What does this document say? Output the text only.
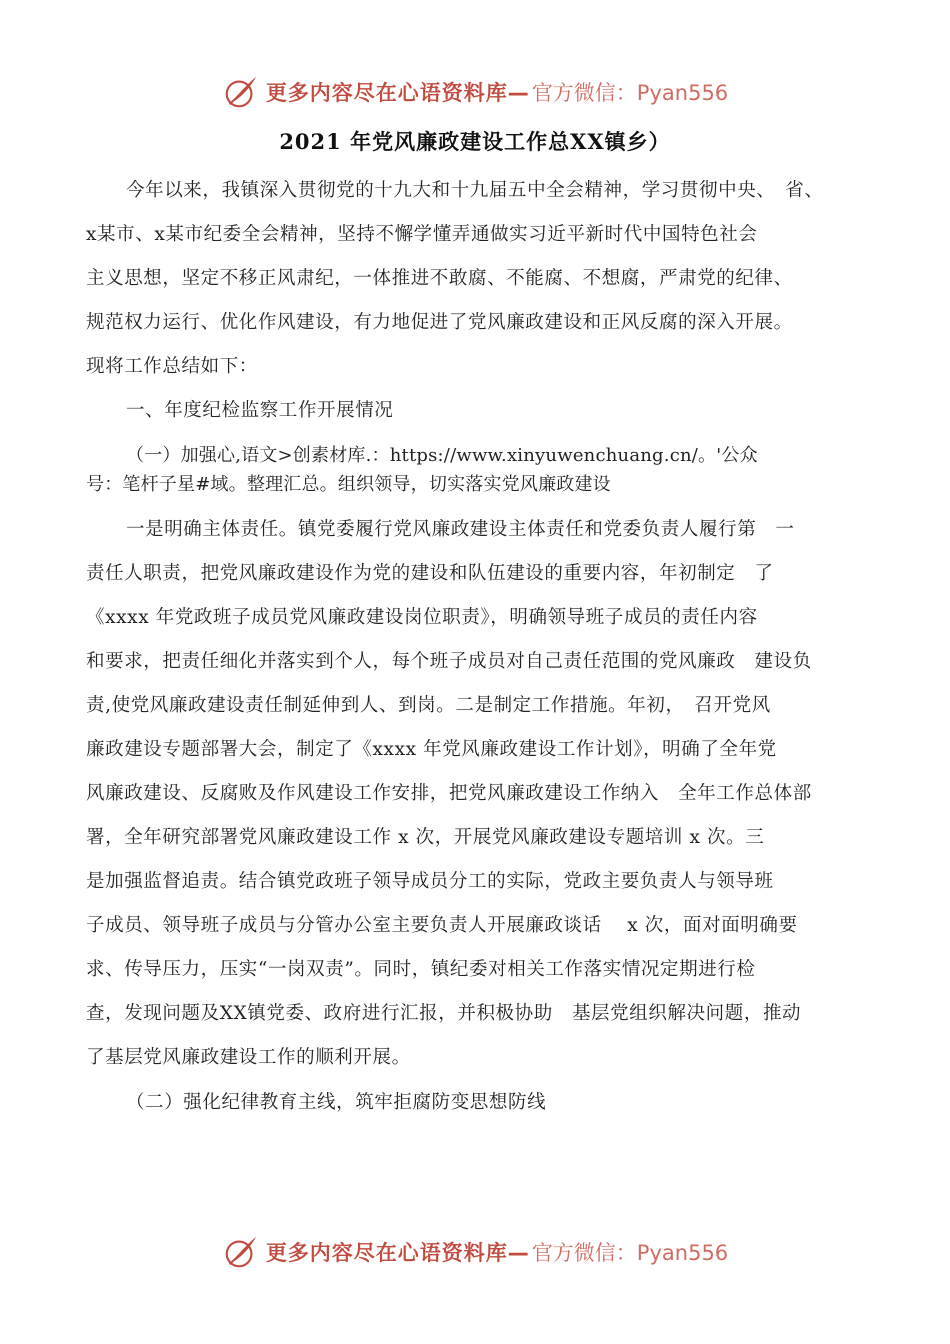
更多内容尽在心语资料库— 官方微信：Pyan556
2021 年党风廉政建设工作总XX镇乡）
今年以来，我镇深入贯彻党的十九大和十九届五中全会精神，学习贯彻中央、　省、
x某市、x某市纪委全会精神，坚持不懈学懂弄通做实习近平新时代中国特色社会
主义思想，坚定不移正风肃纪，一体推进不敢腐、不能腐、不想腐，严肃党的纪律、
规范权力运行、优化作风建设，有力地促进了党风廉政建设和正风反腐的深入开展。
现将工作总结如下：
一、年度纪检监察工作开展情况
（一）加强心,语文>创素材库.：https://www.xinyuwenchuang.cn/。'公众
号：笔杆子星#域。整理汇总。组织领导，切实落实党风廉政建设
一是明确主体责任。镇党委履行党风廉政建设主体责任和党委负责人履行第　一
责任人职责，把党风廉政建设作为党的建设和队伍建设的重要内容，年初制定　了
《xxxx 年党政班子成员党风廉政建设岗位职责》，明确领导班子成员的责任内容
和要求，把责任细化并落实到个人，每个班子成员对自己责任范围的党风廉政　建设负
责,使党风廉政建设责任制延伸到人、到岗。二是制定工作措施。年初，　召开党风
廉政建设专题部署大会，制定了《xxxx 年党风廉政建设工作计划》，明确了全年党
风廉政建设、反腐败及作风建设工作安排，把党风廉政建设工作纳入　全年工作总体部
署，全年研究部署党风廉政建设工作 x 次，开展党风廉政建设专题培训 x 次。三
是加强监督追责。结合镇党政班子领导成员分工的实际，党政主要负责人与领导班
子成员、领导班子成员与分管办公室主要负责人开展廉政谈话　 x 次，面对面明确要
求、传导压力，压实“一岗双责”。同时，镇纪委对相关工作落实情况定期进行检
查，发现问题及XX镇党委、政府进行汇报，并积极协助　基层党组织解决问题，推动
了基层党风廉政建设工作的顺利开展。
（二）强化纪律教育主线，筑牢拒腐防变思想防线
更多内容尽在心语资料库— 官方微信：Pyan556
